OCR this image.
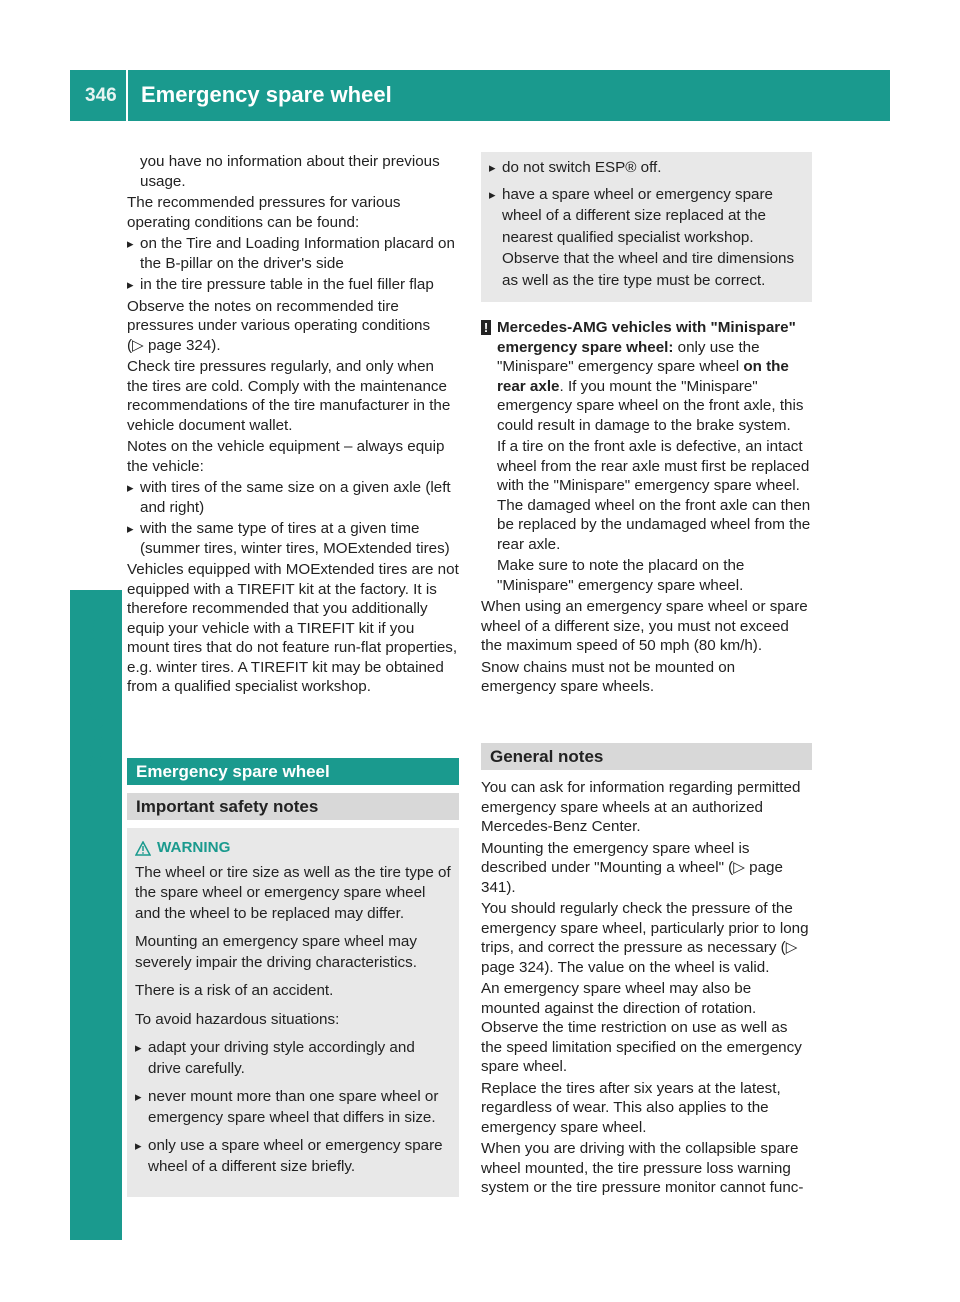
346 Emergency spare wheel
Wheels and tires

you have no information about their previous usage.

The recommended pressures for various operating conditions can be found:

▸ on the Tire and Loading Information placard on the B-pillar on the driver's side
▸ in the tire pressure table in the fuel filler flap

Observe the notes on recommended tire pressures under various operating conditions
(▷ page 324).

Check tire pressures regularly, and only when the tires are cold. Comply with the maintenance recommendations of the tire manufacturer in the vehicle document wallet.

Notes on the vehicle equipment – always equip the vehicle:

▸ with tires of the same size on a given axle (left and right)
▸ with the same type of tires at a given time (summer tires, winter tires, MOExtended tires)

Vehicles equipped with MOExtended tires are not equipped with a TIREFIT kit at the factory. It is therefore recommended that you additionally equip your vehicle with a TIREFIT kit if you mount tires that do not feature run-flat properties, e.g. winter tires. A TIREFIT kit may be obtained from a qualified specialist workshop.

Emergency spare wheel
Important safety notes

WARNING

The wheel or tire size as well as the tire type of the spare wheel or emergency spare wheel and the wheel to be replaced may differ.

Mounting an emergency spare wheel may severely impair the driving characteristics.

There is a risk of an accident.

To avoid hazardous situations:

▸ adapt your driving style accordingly and drive carefully.
▸ never mount more than one spare wheel or emergency spare wheel that differs in size.
▸ only use a spare wheel or emergency spare wheel of a different size briefly.
▸ do not switch ESP® off.
▸ have a spare wheel or emergency spare wheel of a different size replaced at the nearest qualified specialist workshop. Observe that the wheel and tire dimensions as well as the tire type must be correct.
! Mercedes-AMG vehicles with "Minispare" emergency spare wheel: only use the "Minispare" emergency spare wheel on the rear axle. If you mount the "Minispare" emergency spare wheel on the front axle, this could result in damage to the brake system.

If a tire on the front axle is defective, an intact wheel from the rear axle must first be replaced with the "Minispare" emergency spare wheel. The damaged wheel on the front axle can then be replaced by the undamaged wheel from the rear axle.

Make sure to note the placard on the "Minispare" emergency spare wheel.

When using an emergency spare wheel or spare wheel of a different size, you must not exceed the maximum speed of 50 mph (80 km/h).

Snow chains must not be mounted on emergency spare wheels.

General notes

You can ask for information regarding permitted emergency spare wheels at an authorized Mercedes-Benz Center.

Mounting the emergency spare wheel is described under "Mounting a wheel" (▷ page 341).

You should regularly check the pressure of the emergency spare wheel, particularly prior to long trips, and correct the pressure as necessary (▷ page 324). The value on the wheel is valid.

An emergency spare wheel may also be mounted against the direction of rotation. Observe the time restriction on use as well as the speed limitation specified on the emergency spare wheel.

Replace the tires after six years at the latest, regardless of wear. This also applies to the emergency spare wheel.

When you are driving with the collapsible spare wheel mounted, the tire pressure loss warning system or the tire pressure monitor cannot func-
